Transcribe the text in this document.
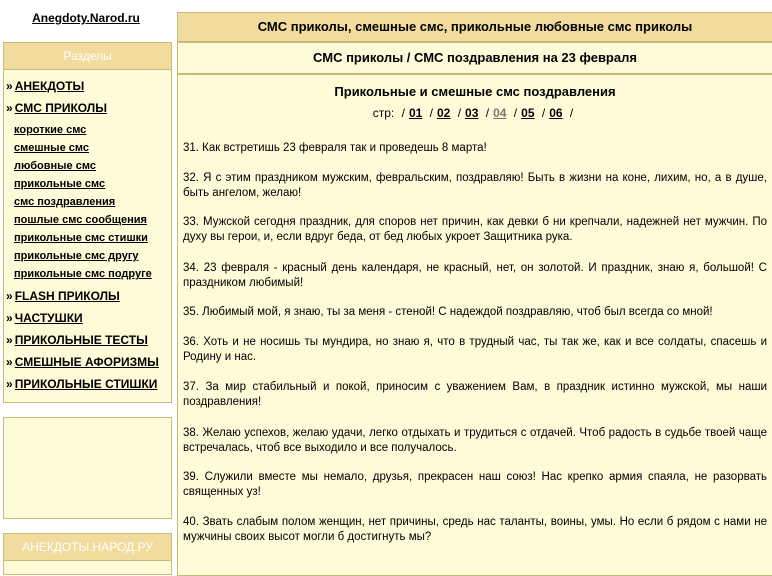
Anegdoty.Narod.ru
Разделы
» АНЕКДОТЫ
» СМС ПРИКОЛЫ
короткие смс
смешные смс
любовные смс
прикольные смс
смс поздравления
пошлые смс сообщения
прикольные смс стишки
прикольные смс другу
прикольные смс подруге
» FLASH ПРИКОЛЫ
» ЧАСТУШКИ
» ПРИКОЛЬНЫЕ ТЕСТЫ
» СМЕШНЫЕ АФОРИЗМЫ
» ПРИКОЛЬНЫЕ СТИШКИ
АНЕКДОТЫ.НАРОД.РУ
СМС приколы, смешные смс, прикольные любовные смс приколы
СМС приколы / СМС поздравления на 23 февраля
Прикольные и смешные смс поздравления
стр: / 01 / 02 / 03 / 04 / 05 / 06 /
31. Как встретишь 23 февраля так и проведешь 8 марта!
32. Я с этим праздником мужским, февральским, поздравляю! Быть в жизни на коне, лихим, но, а в душе, быть ангелом, желаю!
33. Мужской сегодня праздник, для споров нет причин, как девки б ни крепчали, надежней нет мужчин. По духу вы герои, и, если вдруг беда, от бед любых укроет Защитника рука.
34. 23 февраля - красный день календаря, не красный, нет, он золотой. И праздник, знаю я, большой! С праздником любимый!
35. Любимый мой, я знаю, ты за меня - стеной! С надеждой поздравляю, чтоб был всегда со мной!
36. Хоть и не носишь ты мундира, но знаю я, что в трудный час, ты так же, как и все солдаты, спасешь и Родину и нас.
37. За мир стабильный и покой, приносим с уважением Вам, в праздник истинно мужской, мы наши поздравления!
38. Желаю успехов, желаю удачи, легко отдыхать и трудиться с отдачей. Чтоб радость в судьбе твоей чаще встречалась, чтоб все выходило и все получалось.
39. Служили вместе мы немало, друзья, прекрасен наш союз! Нас крепко армия спаяла, не разорвать священных уз!
40. Звать слабым полом женщин, нет причины, средь нас таланты, воины, умы. Но если б рядом с нами не мужчины своих высот могли б достигнуть мы?
